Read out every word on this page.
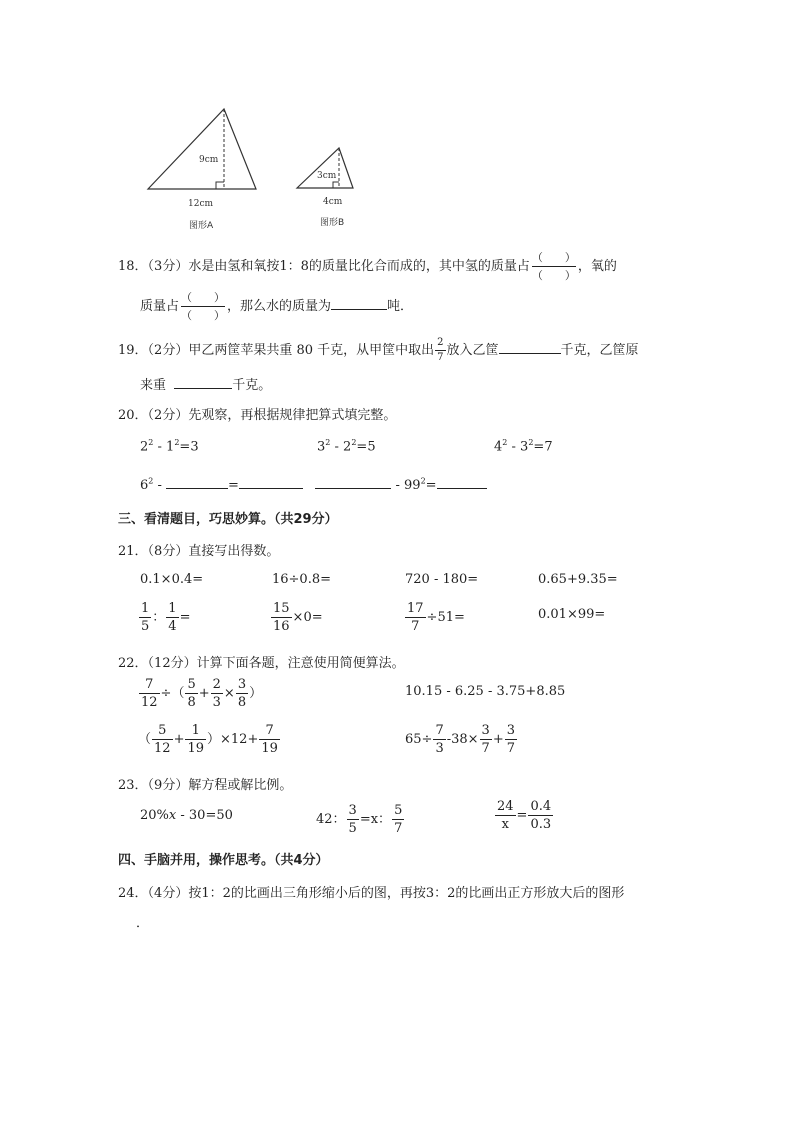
9cm
12cm
图形A
3cm
4cm
图形B
18．（3分）水是由氢和氧按1：8的质量比化合而成的，其中氢的质量占 $\frac{( )}{( )}$ ，氧的
质量占 $\frac{( )}{( )}$ ，那么水的质量为	吨．
19．（2分）甲乙两筐苹果共重 80 千克，从甲筐中取出 $\frac{2}{7}$ 放入乙筐	千克，乙筐原
来重	千克。
20．（2分）先观察，再根据规律把算式填完整。
$2^2 - 1^2=3$	$3^2 - 2^2=5$	$4^2 - 3^2=7$
$6^2$ -	=	- $99^2=$
三、看清题目，巧思妙算。（共29分）
21．（8分）直接写出得数。
0.1×0.4=	16÷0.8=	720 - 180=	0.65+9.35=
$\frac{1}{5}$ ： $\frac{1}{4}$ =	$\frac{15}{16} \times 0=$	$\frac{17}{7} \div 51=$	0.01×99=
22．（12分）计算下面各题，注意使用简便算法。
$\frac{7}{12}$ ÷（ $\frac{5}{8} + \frac{2}{3} \times \frac{3}{8}$ ）	10.15 - 6.25 - 3.75+8.85
（ $\frac{5}{12} + \frac{1}{19} )\times 12+ \frac{7}{19}$	$65\div \frac{7}{3} -38\times \frac{3}{7} + \frac{3}{7}$
23．（9分）解方程或解比例。
20%x - 30=50	42： $\frac{3}{5} =x$： $\frac{5}{7}$	$\frac{24}{x} = \frac{0.4}{0.3}$
四、手脑并用，操作思考。（共4分）
24．（4分）按1：2的比画出三角形缩小后的图，再按3：2的比画出正方形放大后的图形
．
